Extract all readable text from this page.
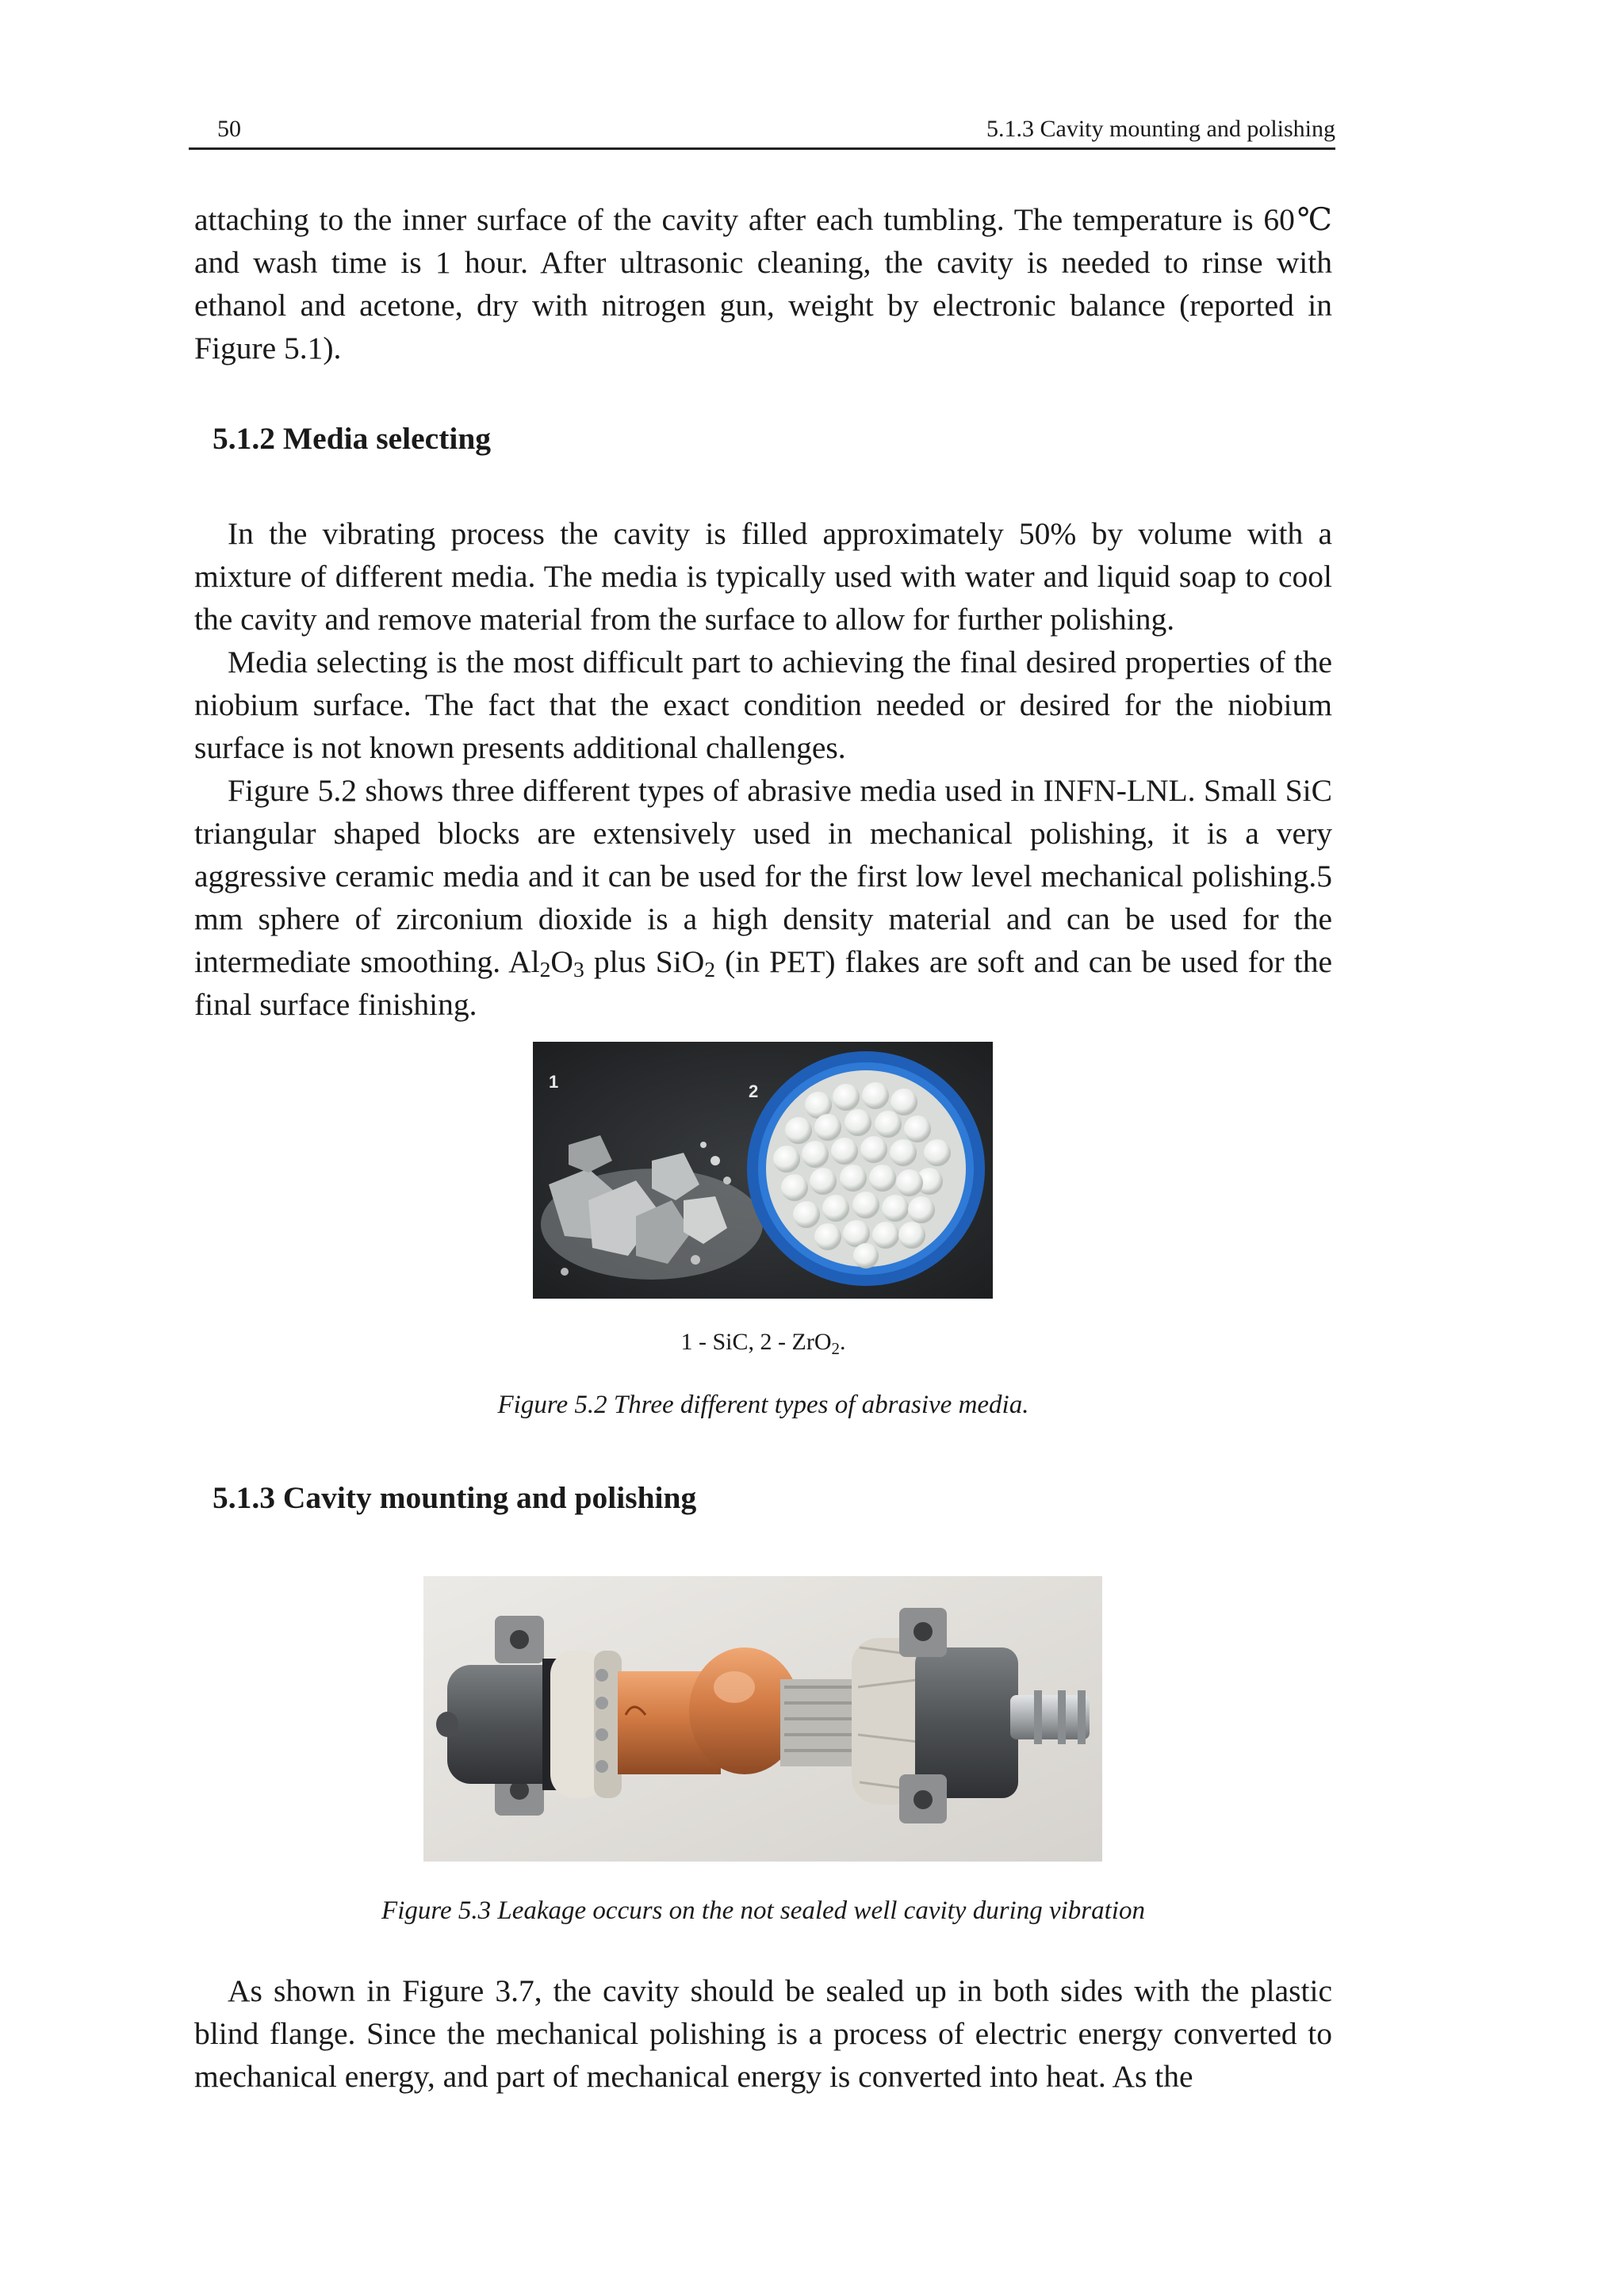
50	5.1.3 Cavity mounting and polishing

attaching to the inner surface of the cavity after each tumbling. The temperature is 60℃ and wash time is 1 hour. After ultrasonic cleaning, the cavity is needed to rinse with ethanol and acetone, dry with nitrogen gun, weight by electronic balance (reported in Figure 5.1).

5.1.2 Media selecting

In the vibrating process the cavity is filled approximately 50% by volume with a mixture of different media. The media is typically used with water and liquid soap to cool the cavity and remove material from the surface to allow for further polishing.

Media selecting is the most difficult part to achieving the final desired properties of the niobium surface. The fact that the exact condition needed or desired for the niobium surface is not known presents additional challenges.

Figure 5.2 shows three different types of abrasive media used in INFN-LNL. Small SiC triangular shaped blocks are extensively used in mechanical polishing, it is a very aggressive ceramic media and it can be used for the first low level mechanical polishing.5 mm sphere of zirconium dioxide is a high density material and can be used for the intermediate smoothing. $Al_2O_3$ plus SiO$_2$ (in PET) flakes are soft and can be used for the final surface finishing.

1	2
1 - SiC, 2 - ZrO$_2$.
Figure 5.2 Three different types of abrasive media.
5.1.3 Cavity mounting and polishing
Figure 5.3 Leakage occurs on the not sealed well cavity during vibration

As shown in Figure 3.7, the cavity should be sealed up in both sides with the plastic blind flange. Since the mechanical polishing is a process of electric energy converted to mechanical energy, and part of mechanical energy is converted into heat. As the
